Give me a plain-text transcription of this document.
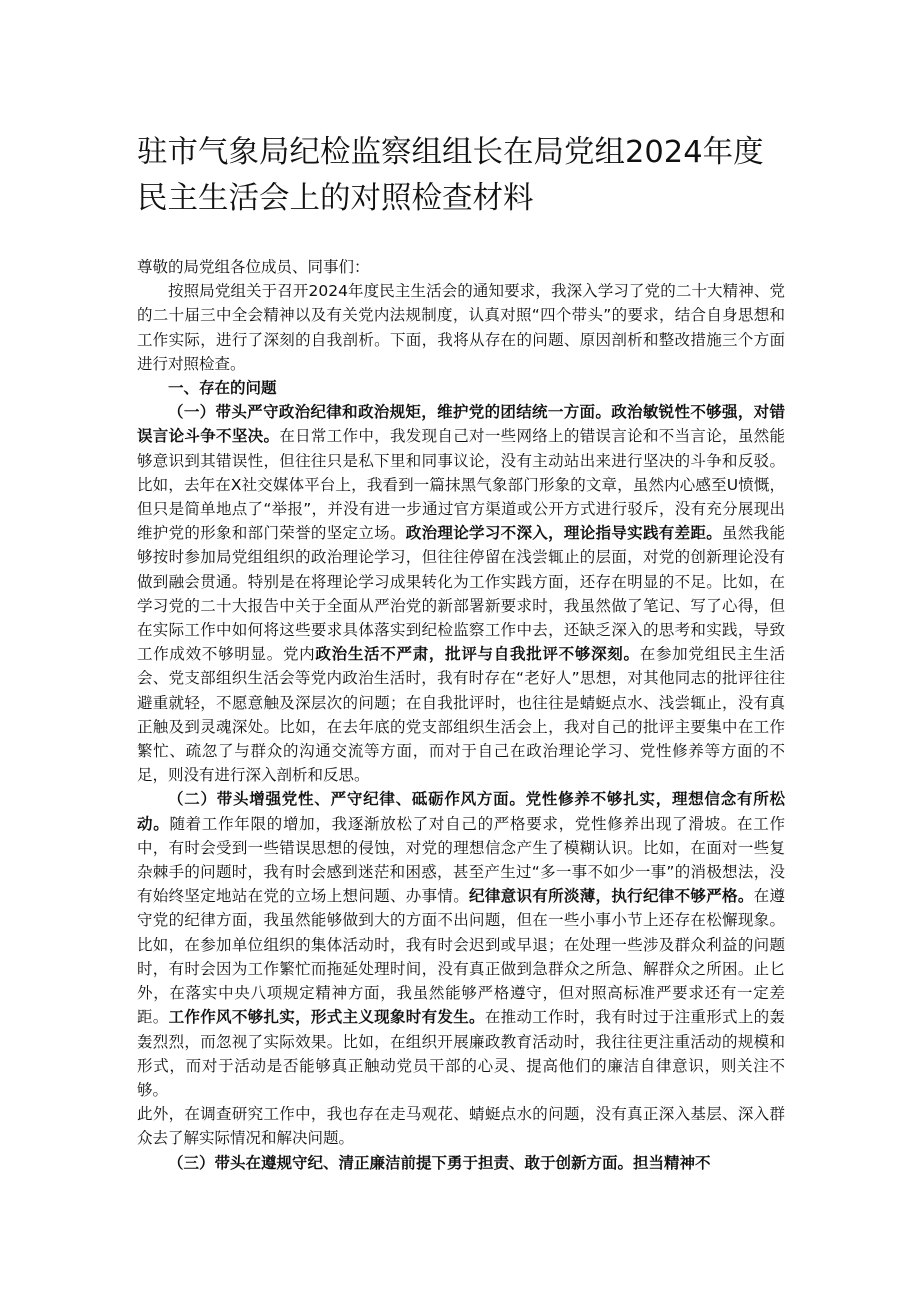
驻市气象局纪检监察组组长在局党组2024年度民主生活会上的对照检查材料

尊敬的局党组各位成员、同事们：

按照局党组关于召开2024年度民主生活会的通知要求，我深入学习了党的二十大精神、党的二十届三中全会精神以及有关党内法规制度，认真对照“四个带头”的要求，结合自身思想和工作实际，进行了深刻的自我剖析。下面，我将从存在的问题、原因剖析和整改措施三个方面进行对照检查。

一、存在的问题

（一）带头严守政治纪律和政治规矩，维护党的团结统一方面。政治敏锐性不够强，对错误言论斗争不坚决。在日常工作中，我发现自己对一些网络上的错误言论和不当言论，虽然能够意识到其错误性，但往往只是私下里和同事议论，没有主动站出来进行坚决的斗争和反驳。比如，去年在X社交媒体平台上，我看到一篇抹黑气象部门形象的文章，虽然内心感至U愤慨，但只是简单地点了“举报”，并没有进一步通过官方渠道或公开方式进行驳斥，没有充分展现出维护党的形象和部门荣誉的坚定立场。政治理论学习不深入，理论指导实践有差距。虽然我能够按时参加局党组组织的政治理论学习，但往往停留在浅尝辄止的层面，对党的创新理论没有做到融会贯通。特别是在将理论学习成果转化为工作实践方面，还存在明显的不足。比如，在学习党的二十大报告中关于全面从严治党的新部署新要求时，我虽然做了笔记、写了心得，但在实际工作中如何将这些要求具体落实到纪检监察工作中去，还缺乏深入的思考和实践，导致工作成效不够明显。党内政治生活不严肃，批评与自我批评不够深刻。在参加党组民主生活会、党支部组织生活会等党内政治生活时，我有时存在“老好人”思想，对其他同志的批评往往避重就轻，不愿意触及深层次的问题；在自我批评时，也往往是蜻蜓点水、浅尝辄止，没有真正触及到灵魂深处。比如，在去年底的党支部组织生活会上，我对自己的批评主要集中在工作繁忙、疏忽了与群众的沟通交流等方面，而对于自己在政治理论学习、党性修养等方面的不足，则没有进行深入剖析和反思。

（二）带头增强党性、严守纪律、砥砺作风方面。党性修养不够扎实，理想信念有所松动。随着工作年限的增加，我逐渐放松了对自己的严格要求，党性修养出现了滑坡。在工作中，有时会受到一些错误思想的侵蚀，对党的理想信念产生了模糊认识。比如，在面对一些复杂棘手的问题时，我有时会感到迷茫和困惑，甚至产生过“多一事不如少一事”的消极想法，没有始终坚定地站在党的立场上想问题、办事情。纪律意识有所淡薄，执行纪律不够严格。在遵守党的纪律方面，我虽然能够做到大的方面不出问题，但在一些小事小节上还存在松懈现象。比如，在参加单位组织的集体活动时，我有时会迟到或早退；在处理一些涉及群众利益的问题时，有时会因为工作繁忙而拖延处理时间，没有真正做到急群众之所急、解群众之所困。止匕外，在落实中央八项规定精神方面，我虽然能够严格遵守，但对照高标准严要求还有一定差距。工作作风不够扎实，形式主义现象时有发生。在推动工作时，我有时过于注重形式上的轰轰烈烈，而忽视了实际效果。比如，在组织开展廉政教育活动时，我往往更注重活动的规模和形式，而对于活动是否能够真正触动党员干部的心灵、提高他们的廉洁自律意识，则关注不够。

此外，在调查研究工作中，我也存在走马观花、蜻蜓点水的问题，没有真正深入基层、深入群众去了解实际情况和解决问题。

（三）带头在遵规守纪、清正廉洁前提下勇于担责、敢于创新方面。担当精神不
